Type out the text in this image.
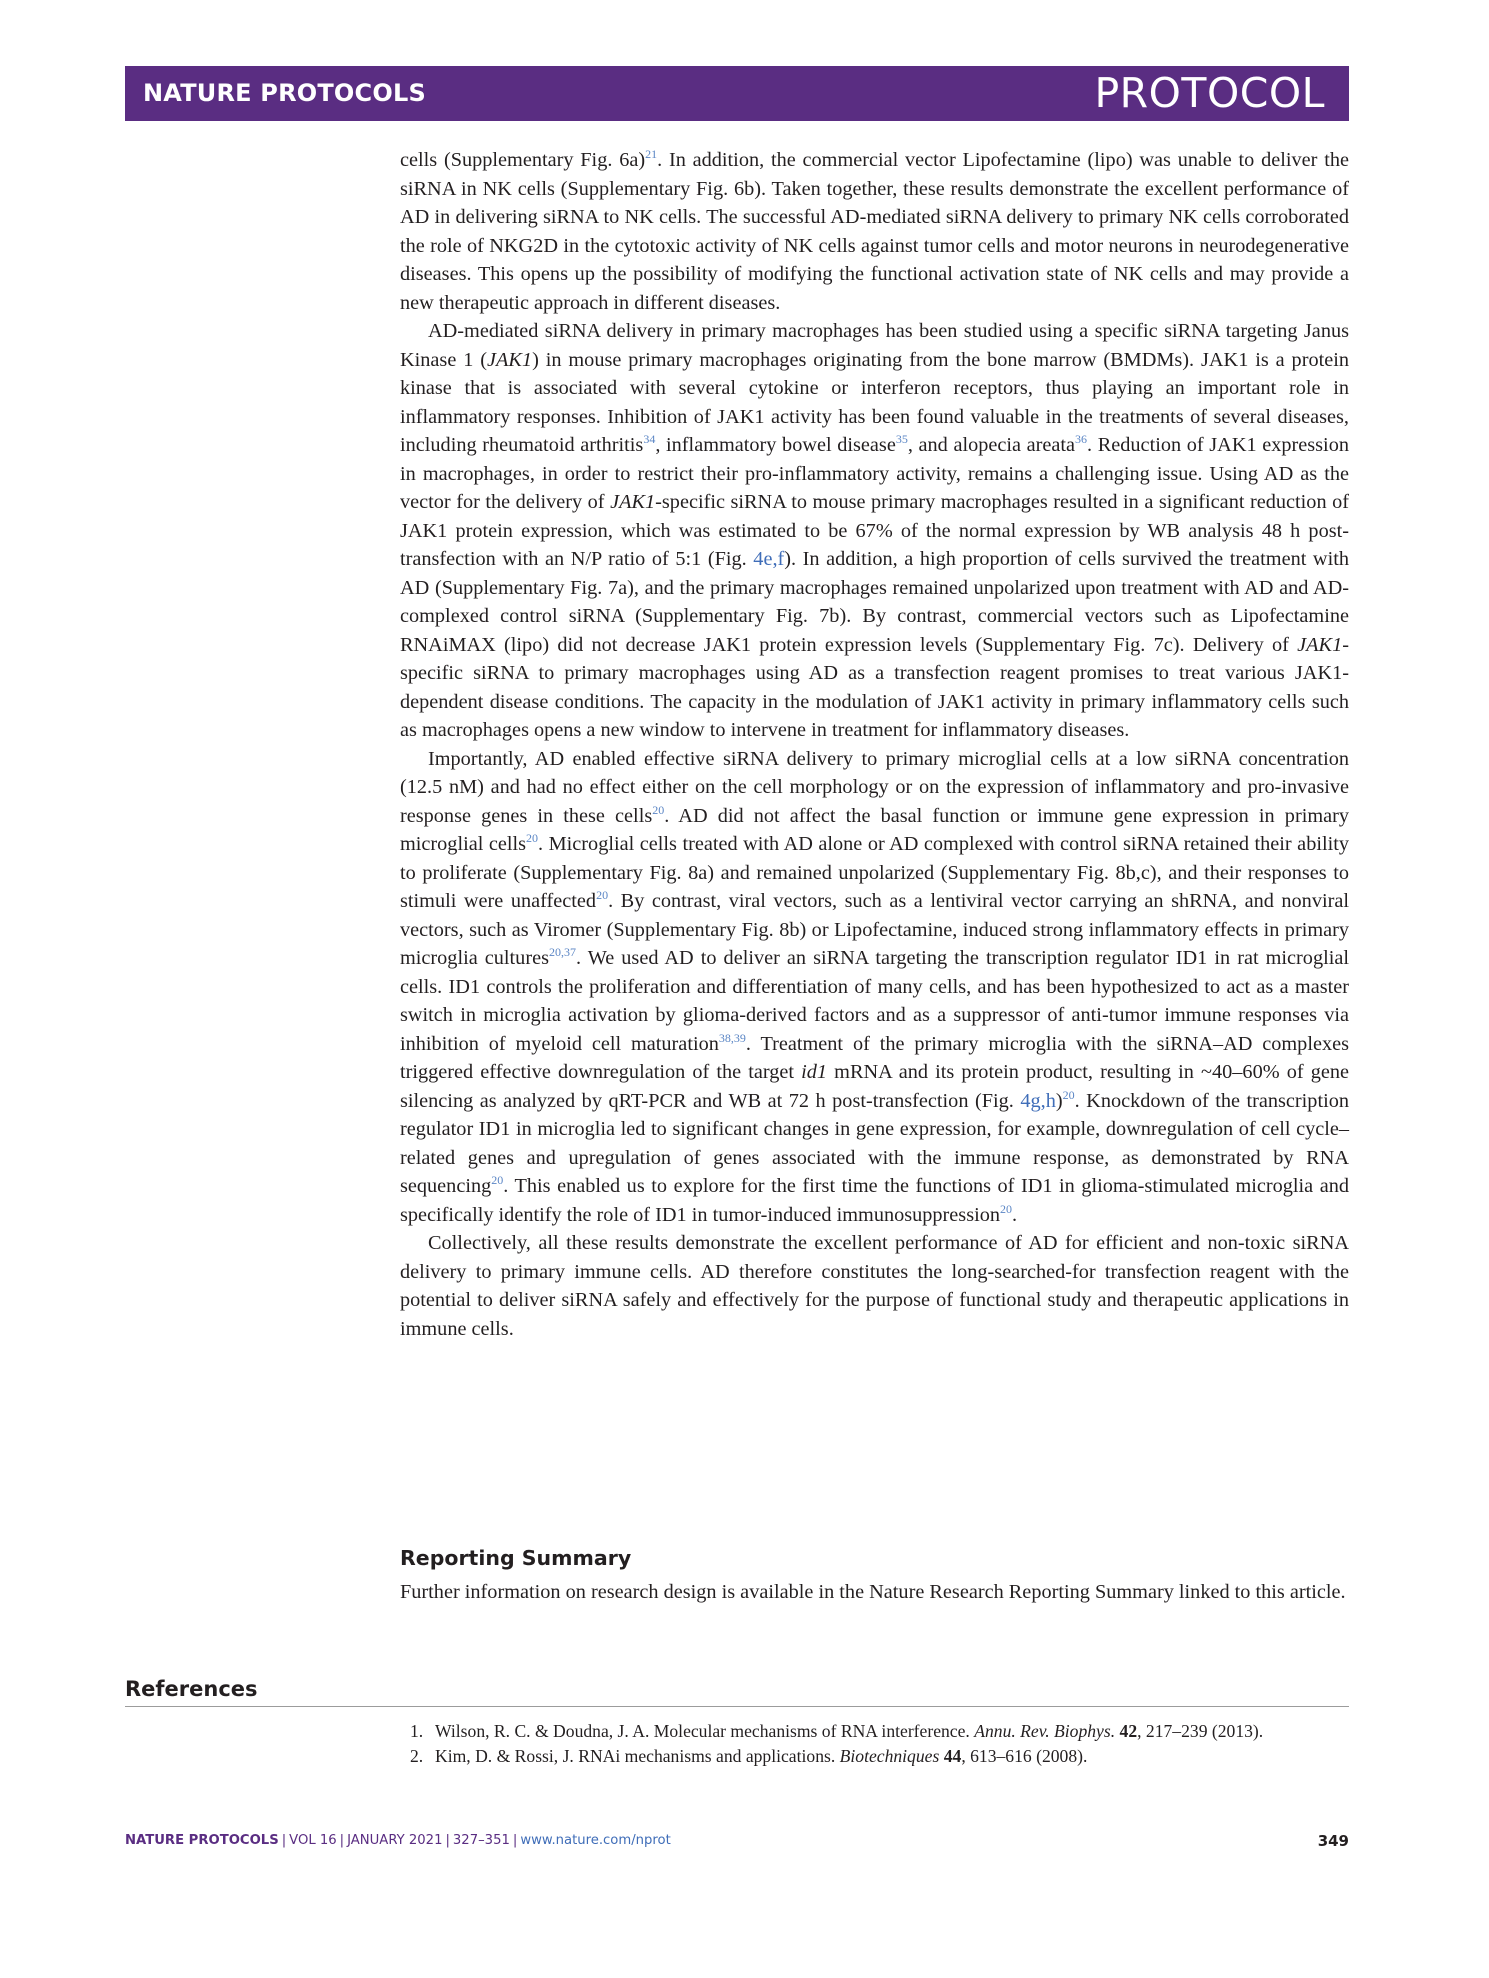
NATURE PROTOCOLS	PROTOCOL

cells (Supplementary Fig. 6a)$^{21}$. In addition, the commercial vector Lipofectamine (lipo) was unable to deliver the siRNA in NK cells (Supplementary Fig. 6b). Taken together, these results demonstrate the excellent performance of AD in delivering siRNA to NK cells. The successful AD-mediated siRNA delivery to primary NK cells corroborated the role of NKG2D in the cytotoxic activity of NK cells against tumor cells and motor neurons in neurodegenerative diseases. This opens up the possibility of modifying the functional activation state of NK cells and may provide a new therapeutic approach in different diseases.

AD-mediated siRNA delivery in primary macrophages has been studied using a specific siRNA targeting Janus Kinase 1 (JAK1) in mouse primary macrophages originating from the bone marrow (BMDMs). JAK1 is a protein kinase that is associated with several cytokine or interferon receptors, thus playing an important role in inflammatory responses. Inhibition of JAK1 activity has been found valuable in the treatments of several diseases, including rheumatoid arthritis$^{34}$, inflammatory bowel disease$^{35}$, and alopecia areata$^{36}$. Reduction of JAK1 expression in macrophages, in order to restrict their pro-inflammatory activity, remains a challenging issue. Using AD as the vector for the delivery of JAK1-specific siRNA to mouse primary macrophages resulted in a significant reduction of JAK1 protein expression, which was estimated to be 67% of the normal expression by WB analysis 48 h post-transfection with an N/P ratio of 5:1 (Fig. 4e,f). In addition, a high proportion of cells survived the treatment with AD (Supplementary Fig. 7a), and the primary macrophages remained unpolarized upon treatment with AD and AD-complexed control siRNA (Supplementary Fig. 7b). By contrast, commercial vectors such as Lipofectamine RNAiMAX (lipo) did not decrease JAK1 protein expression levels (Supplementary Fig. 7c). Delivery of JAK1-specific siRNA to primary macrophages using AD as a transfection reagent promises to treat various JAK1-dependent disease conditions. The capacity in the modulation of JAK1 activity in primary inflammatory cells such as macrophages opens a new window to intervene in treatment for inflammatory diseases.

Importantly, AD enabled effective siRNA delivery to primary microglial cells at a low siRNA concentration (12.5 nM) and had no effect either on the cell morphology or on the expression of inflammatory and pro-invasive response genes in these cells$^{20}$. AD did not affect the basal function or immune gene expression in primary microglial cells$^{20}$. Microglial cells treated with AD alone or AD complexed with control siRNA retained their ability to proliferate (Supplementary Fig. 8a) and remained unpolarized (Supplementary Fig. 8b,c), and their responses to stimuli were unaffected$^{20}$. By contrast, viral vectors, such as a lentiviral vector carrying an shRNA, and nonviral vectors, such as Viromer (Supplementary Fig. 8b) or Lipofectamine, induced strong inflammatory effects in primary microglia cultures$^{20,37}$. We used AD to deliver an siRNA targeting the transcription regulator ID1 in rat microglial cells. ID1 controls the proliferation and differentiation of many cells, and has been hypothesized to act as a master switch in microglia activation by glioma-derived factors and as a suppressor of anti-tumor immune responses via inhibition of myeloid cell maturation$^{38,39}$. Treatment of the primary microglia with the siRNA–AD complexes triggered effective downregulation of the target id1 mRNA and its protein product, resulting in ~40–60% of gene silencing as analyzed by qRT-PCR and WB at 72 h post-transfection (Fig. 4g,h)$^{20}$. Knockdown of the transcription regulator ID1 in microglia led to significant changes in gene expression, for example, downregulation of cell cycle–related genes and upregulation of genes associated with the immune response, as demonstrated by RNA sequencing$^{20}$. This enabled us to explore for the first time the functions of ID1 in glioma-stimulated microglia and specifically identify the role of ID1 in tumor-induced immunosuppression$^{20}$.

Collectively, all these results demonstrate the excellent performance of AD for efficient and non-toxic siRNA delivery to primary immune cells. AD therefore constitutes the long-searched-for transfection reagent with the potential to deliver siRNA safely and effectively for the purpose of functional study and therapeutic applications in immune cells.

Reporting Summary
Further information on research design is available in the Nature Research Reporting Summary linked to this article.
References
1. Wilson, R. C. & Doudna, J. A. Molecular mechanisms of RNA interference. Annu. Rev. Biophys. 42, 217–239 (2013).
2. Kim, D. & Rossi, J. RNAi mechanisms and applications. Biotechniques 44, 613–616 (2008).
NATURE PROTOCOLS | VOL 16 | JANUARY 2021 | 327–351 | www.nature.com/nprot	349
